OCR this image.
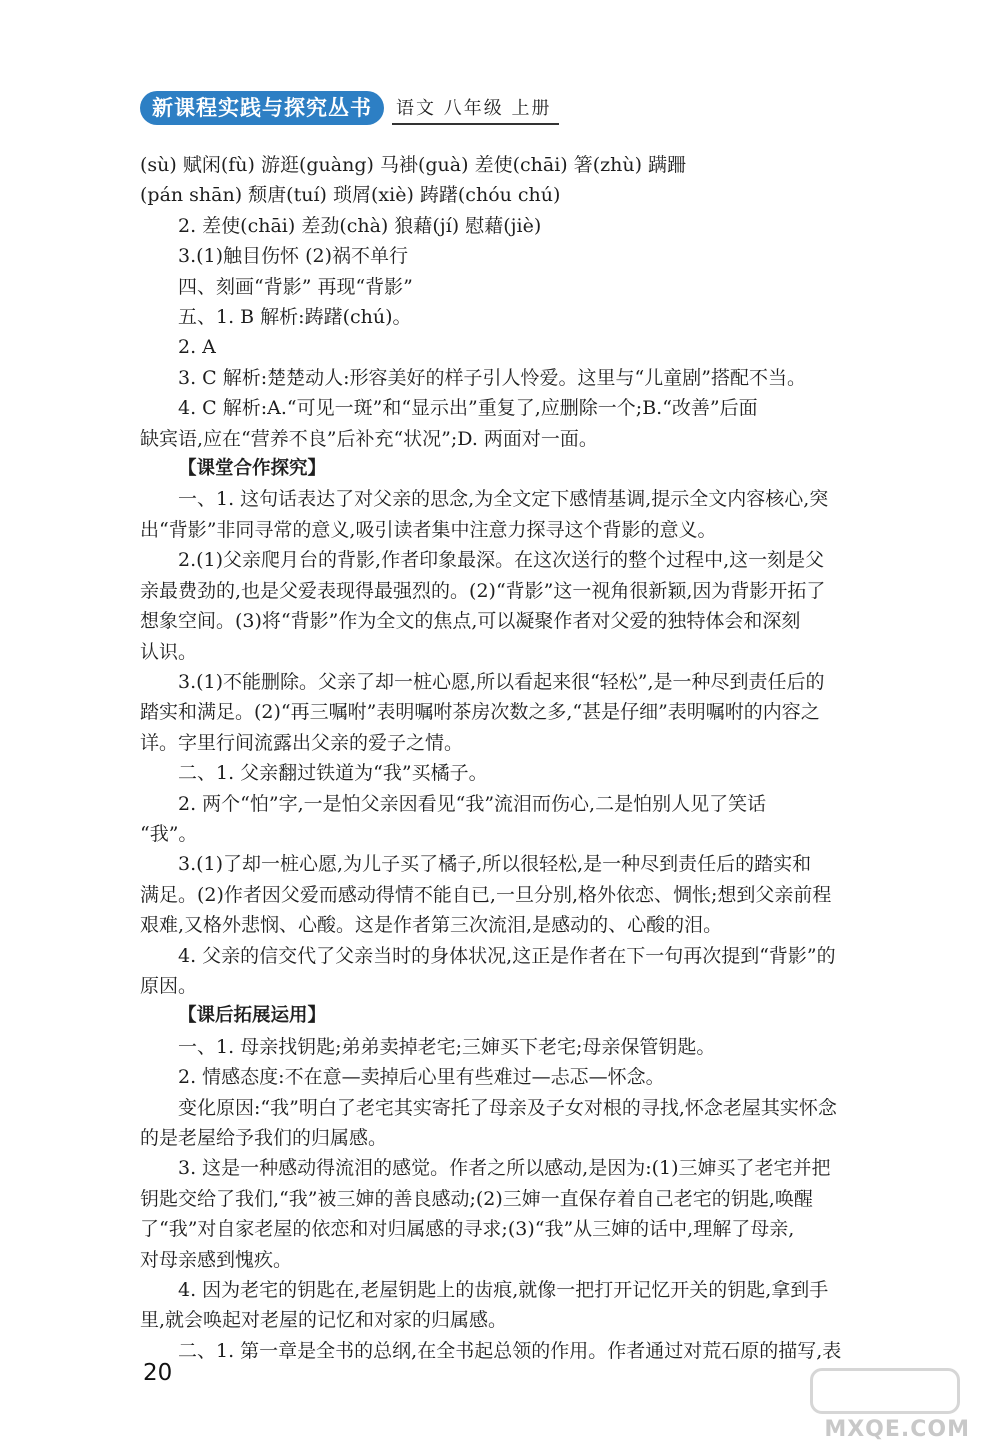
新课程实践与探究丛书	语文 八年级 上册
(sù) 赋闲(fù) 游逛(guàng) 马褂(guà) 差使(chāi) 箸(zhù) 蹒跚
(pán shān) 颓唐(tuí) 琐屑(xiè) 踌躇(chóu chú)
2. 差使(chāi) 差劲(chà) 狼藉(jí) 慰藉(jiè)
3.(1)触目伤怀 (2)祸不单行
四、刻画“背影” 再现“背影”
五、1. B 解析:踌躇(chú)。
2. A
3. C 解析:楚楚动人:形容美好的样子引人怜爱。这里与“儿童剧”搭配不当。
4. C 解析:A.“可见一斑”和“显示出”重复了,应删除一个;B.“改善”后面
缺宾语,应在“营养不良”后补充“状况”;D. 两面对一面。
【课堂合作探究】
一、1. 这句话表达了对父亲的思念,为全文定下感情基调,提示全文内容核心,突
出“背影”非同寻常的意义,吸引读者集中注意力探寻这个背影的意义。
2.(1)父亲爬月台的背影,作者印象最深。在这次送行的整个过程中,这一刻是父
亲最费劲的,也是父爱表现得最强烈的。(2)“背影”这一视角很新颖,因为背影开拓了
想象空间。(3)将“背影”作为全文的焦点,可以凝聚作者对父爱的独特体会和深刻
认识。
3.(1)不能删除。父亲了却一桩心愿,所以看起来很“轻松”,是一种尽到责任后的
踏实和满足。(2)“再三嘱咐”表明嘱咐茶房次数之多,“甚是仔细”表明嘱咐的内容之
详。字里行间流露出父亲的爱子之情。
二、1. 父亲翻过铁道为“我”买橘子。
2. 两个“怕”字,一是怕父亲因看见“我”流泪而伤心,二是怕别人见了笑话
“我”。
3.(1)了却一桩心愿,为儿子买了橘子,所以很轻松,是一种尽到责任后的踏实和
满足。(2)作者因父爱而感动得情不能自已,一旦分别,格外依恋、惆怅;想到父亲前程
艰难,又格外悲悯、心酸。这是作者第三次流泪,是感动的、心酸的泪。
4. 父亲的信交代了父亲当时的身体状况,这正是作者在下一句再次提到“背影”的
原因。
【课后拓展运用】
一、1. 母亲找钥匙;弟弟卖掉老宅;三婶买下老宅;母亲保管钥匙。
2. 情感态度:不在意—卖掉后心里有些难过—忐忑—怀念。
变化原因:“我”明白了老宅其实寄托了母亲及子女对根的寻找,怀念老屋其实怀念
的是老屋给予我们的归属感。
3. 这是一种感动得流泪的感觉。作者之所以感动,是因为:(1)三婶买了老宅并把
钥匙交给了我们,“我”被三婶的善良感动;(2)三婶一直保存着自己老宅的钥匙,唤醒
了“我”对自家老屋的依恋和对归属感的寻求;(3)“我”从三婶的话中,理解了母亲,
对母亲感到愧疚。
4. 因为老宅的钥匙在,老屋钥匙上的齿痕,就像一把打开记忆开关的钥匙,拿到手
里,就会唤起对老屋的记忆和对家的归属感。
二、1. 第一章是全书的总纲,在全书起总领的作用。作者通过对荒石原的描写,表
20
MXQE.COM
